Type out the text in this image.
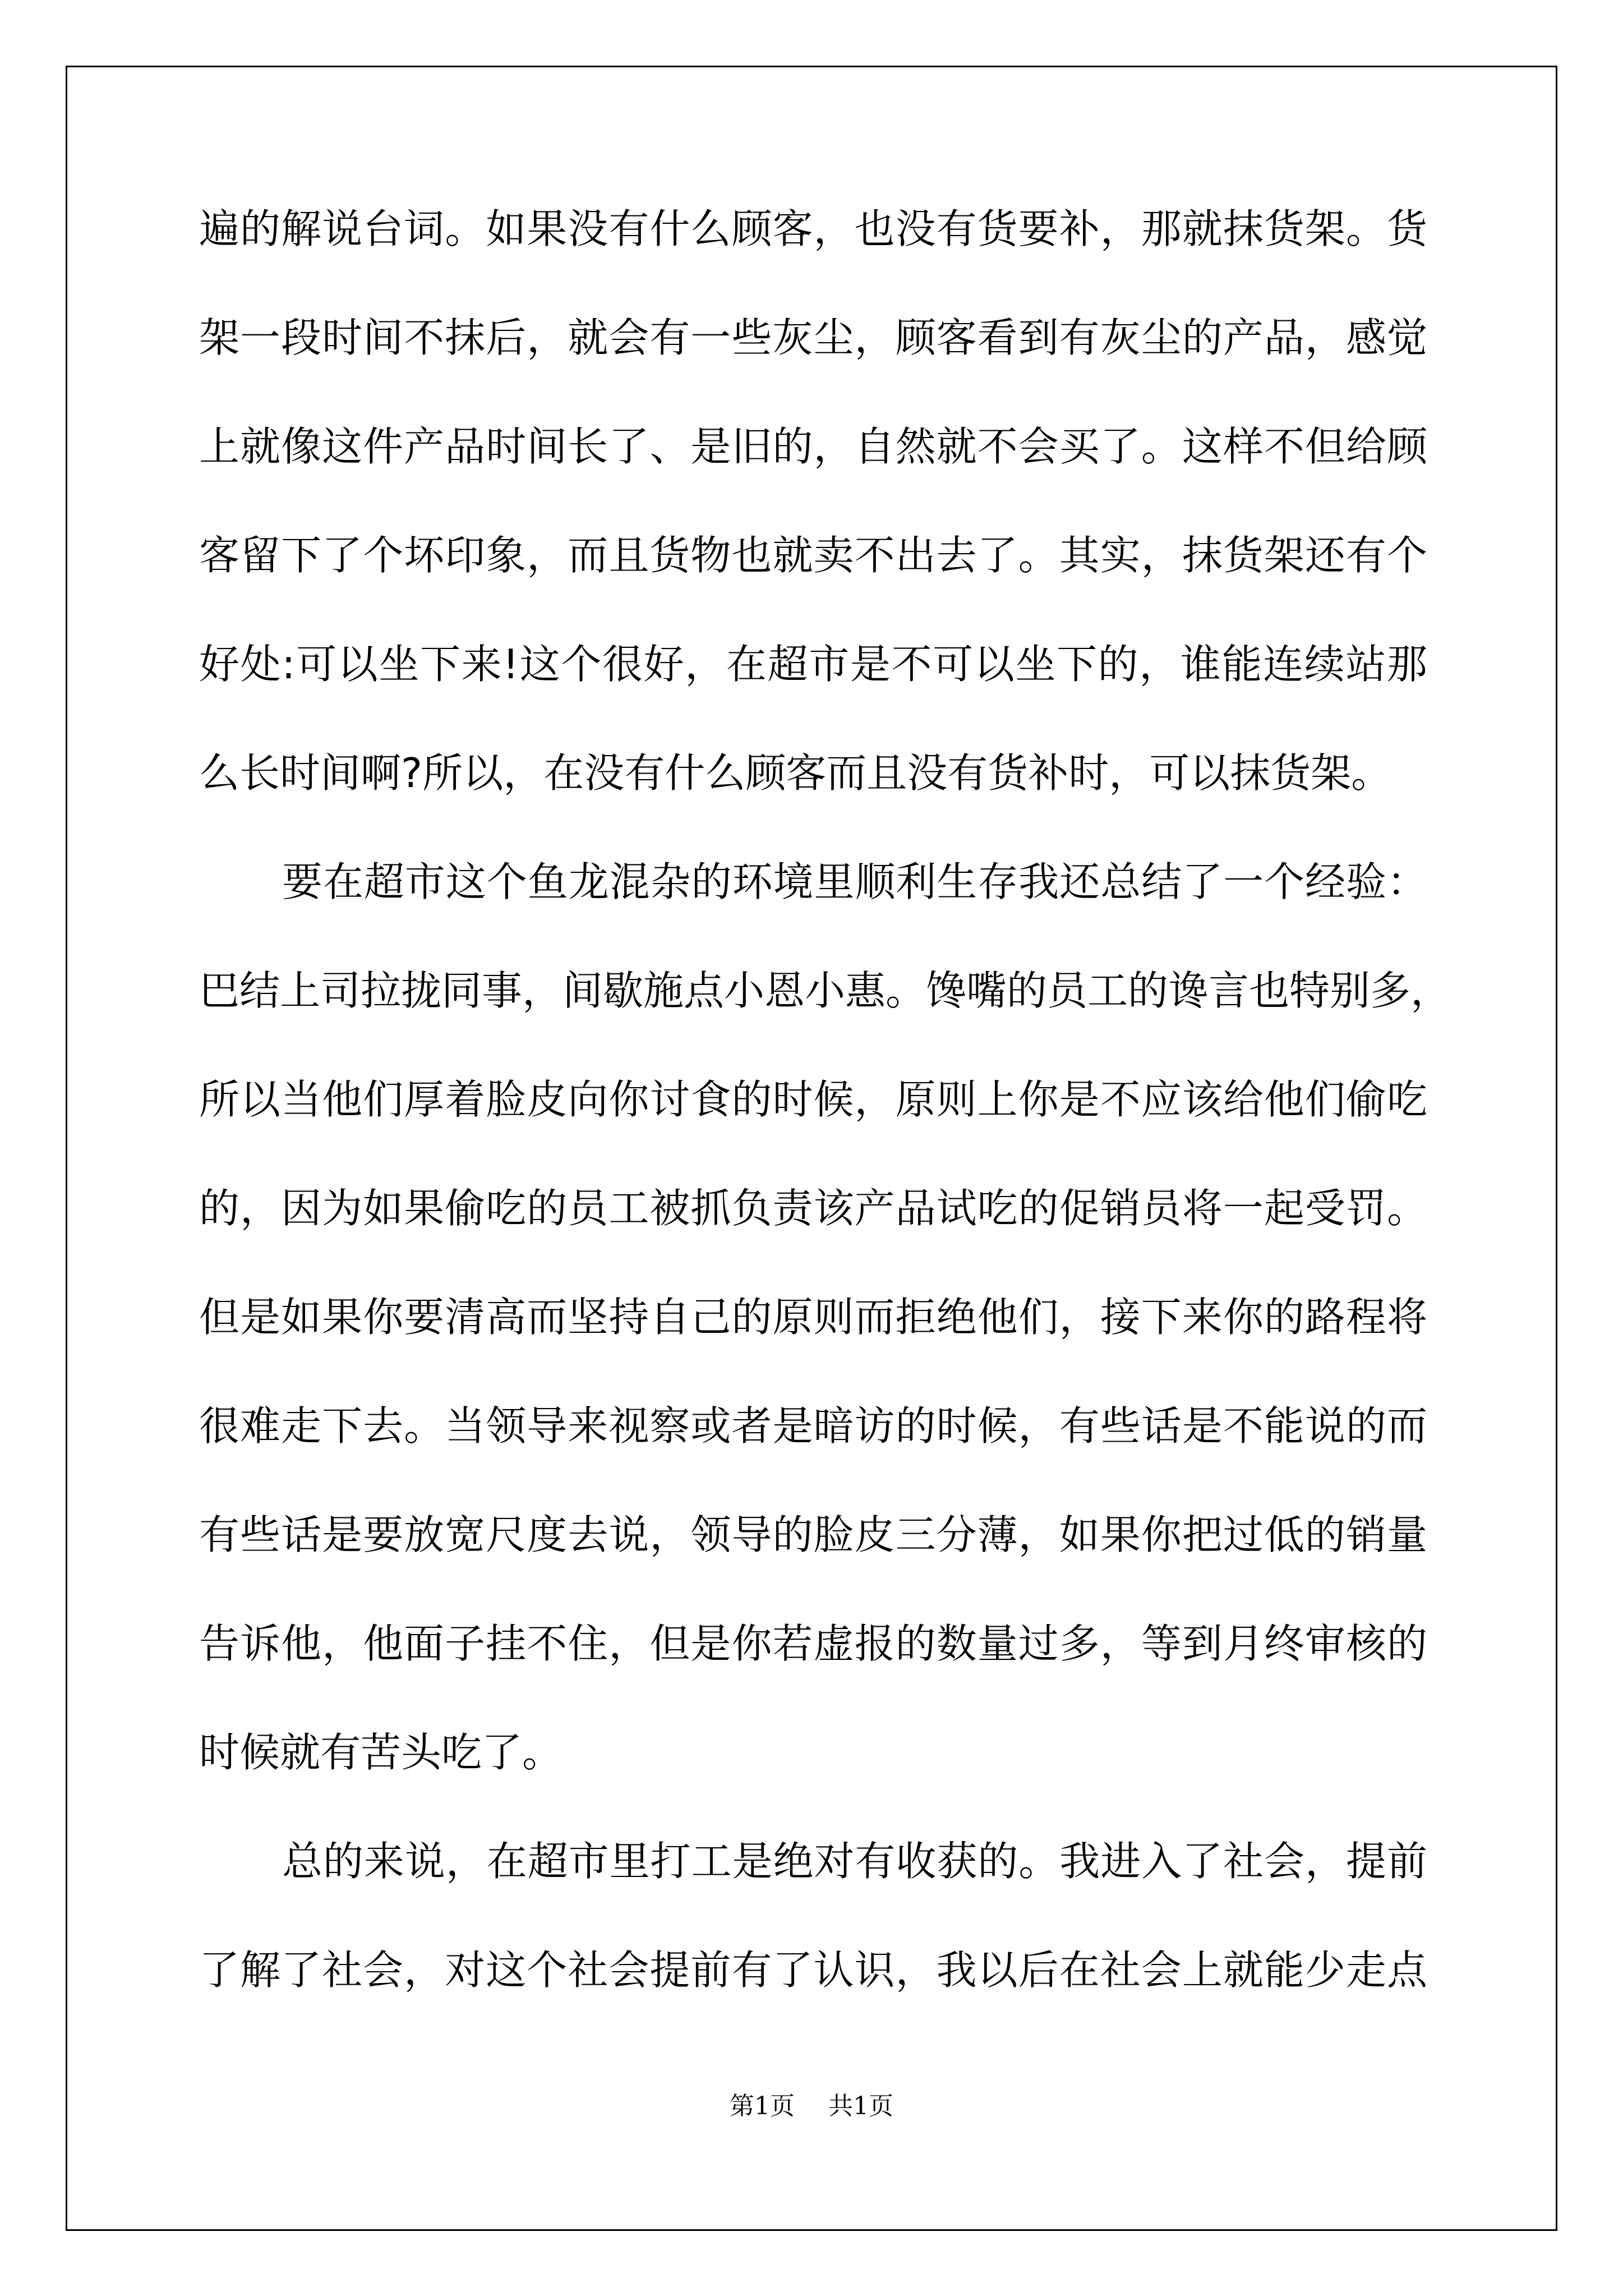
遍的解说台词。如果没有什么顾客，也没有货要补，那就抹货架。货
架一段时间不抹后，就会有一些灰尘，顾客看到有灰尘的产品，感觉
上就像这件产品时间长了、是旧的，自然就不会买了。这样不但给顾
客留下了个坏印象，而且货物也就卖不出去了。其实，抹货架还有个
好处:可以坐下来!这个很好，在超市是不可以坐下的，谁能连续站那
么长时间啊?所以，在没有什么顾客而且没有货补时，可以抹货架。
要在超市这个鱼龙混杂的环境里顺利生存我还总结了一个经验：
巴结上司拉拢同事，间歇施点小恩小惠。馋嘴的员工的谗言也特别多，
所以当他们厚着脸皮向你讨食的时候，原则上你是不应该给他们偷吃
的，因为如果偷吃的员工被抓负责该产品试吃的促销员将一起受罚。
但是如果你要清高而坚持自己的原则而拒绝他们，接下来你的路程将
很难走下去。当领导来视察或者是暗访的时候，有些话是不能说的而
有些话是要放宽尺度去说，领导的脸皮三分薄，如果你把过低的销量
告诉他，他面子挂不住，但是你若虚报的数量过多，等到月终审核的
时候就有苦头吃了。
总的来说，在超市里打工是绝对有收获的。我进入了社会，提前
了解了社会，对这个社会提前有了认识，我以后在社会上就能少走点
第1页 共1页
